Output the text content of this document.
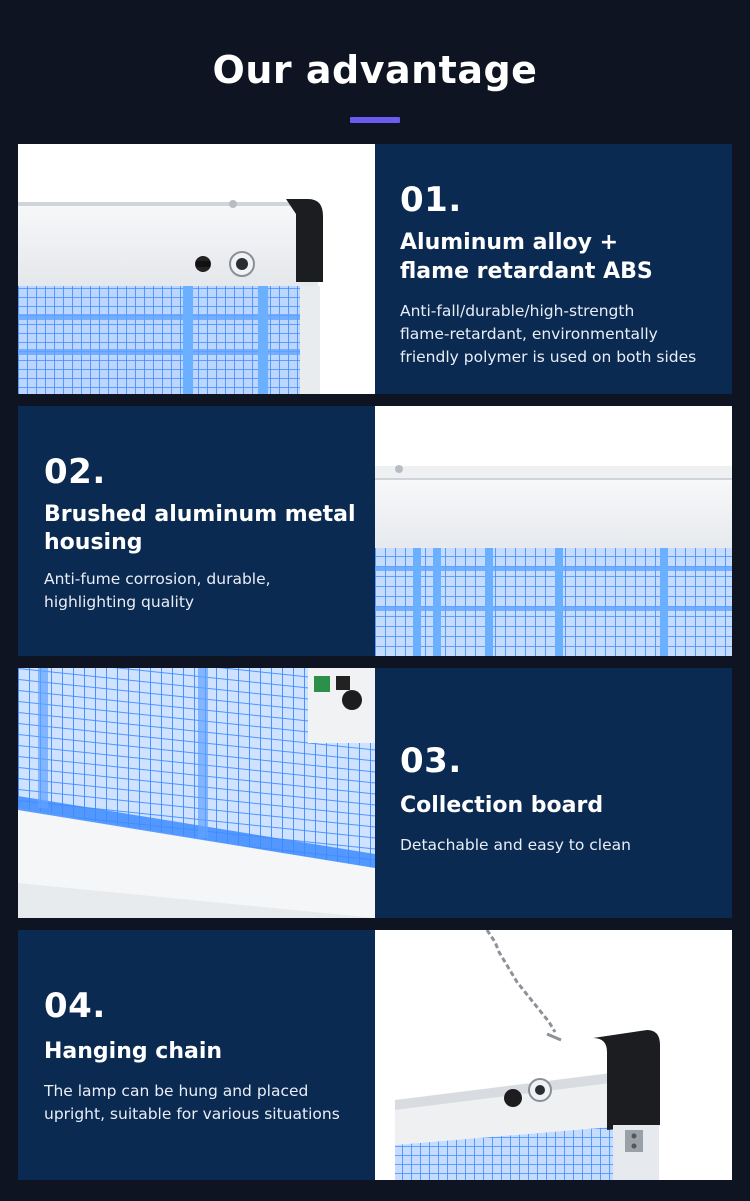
Our advantage
01.
Aluminum alloy +
flame retardant ABS
Anti-fall/durable/high-strength
flame-retardant, environmentally
friendly polymer is used on both sides
02.
Brushed aluminum metal
housing
Anti-fume corrosion, durable,
highlighting quality
03.
Collection board
Detachable and easy to clean
04.
Hanging chain
The lamp can be hung and placed
upright, suitable for various situations
